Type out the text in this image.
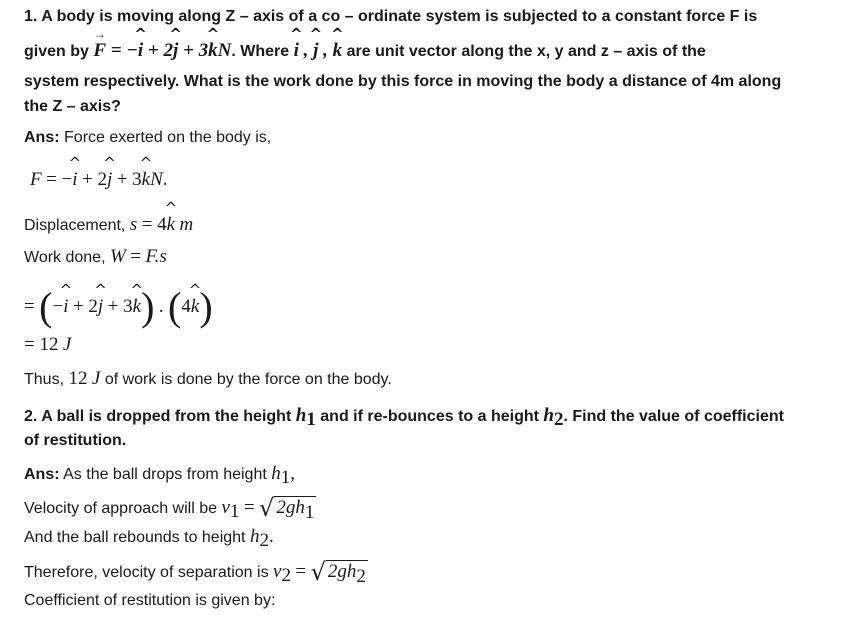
1. A body is moving along Z – axis of a co – ordinate system is subjected to a constant force F is
given by → F = −^ i + 2^ j + 3^ kN. Where ^ i , ^ j , ^ k are unit vector along the x, y and z – axis of the
system respectively. What is the work done by this force in moving the body a distance of 4m along
the Z – axis?
Ans: Force exerted on the body is,
F = −^ i + 2^ j + 3^ kN.
Displacement, s = 4^ k m
Work done, W = F.s
= (−^ i + 2^ j + 3^ k) . (4^ k)
= 12 J
Thus, 12 J of work is done by the force on the body.
2. A ball is dropped from the height $h_1$ and if re-bounces to a height $h_2$. Find the value of coefficient
of restitution.
Ans: As the ball drops from height $h_1$,
Velocity of approach will be $v_1$ = √ $2gh_1$
And the ball rebounds to height $h_2$.
Therefore, velocity of separation is $v_2$ = √ $2gh_2$
Coefficient of restitution is given by:
